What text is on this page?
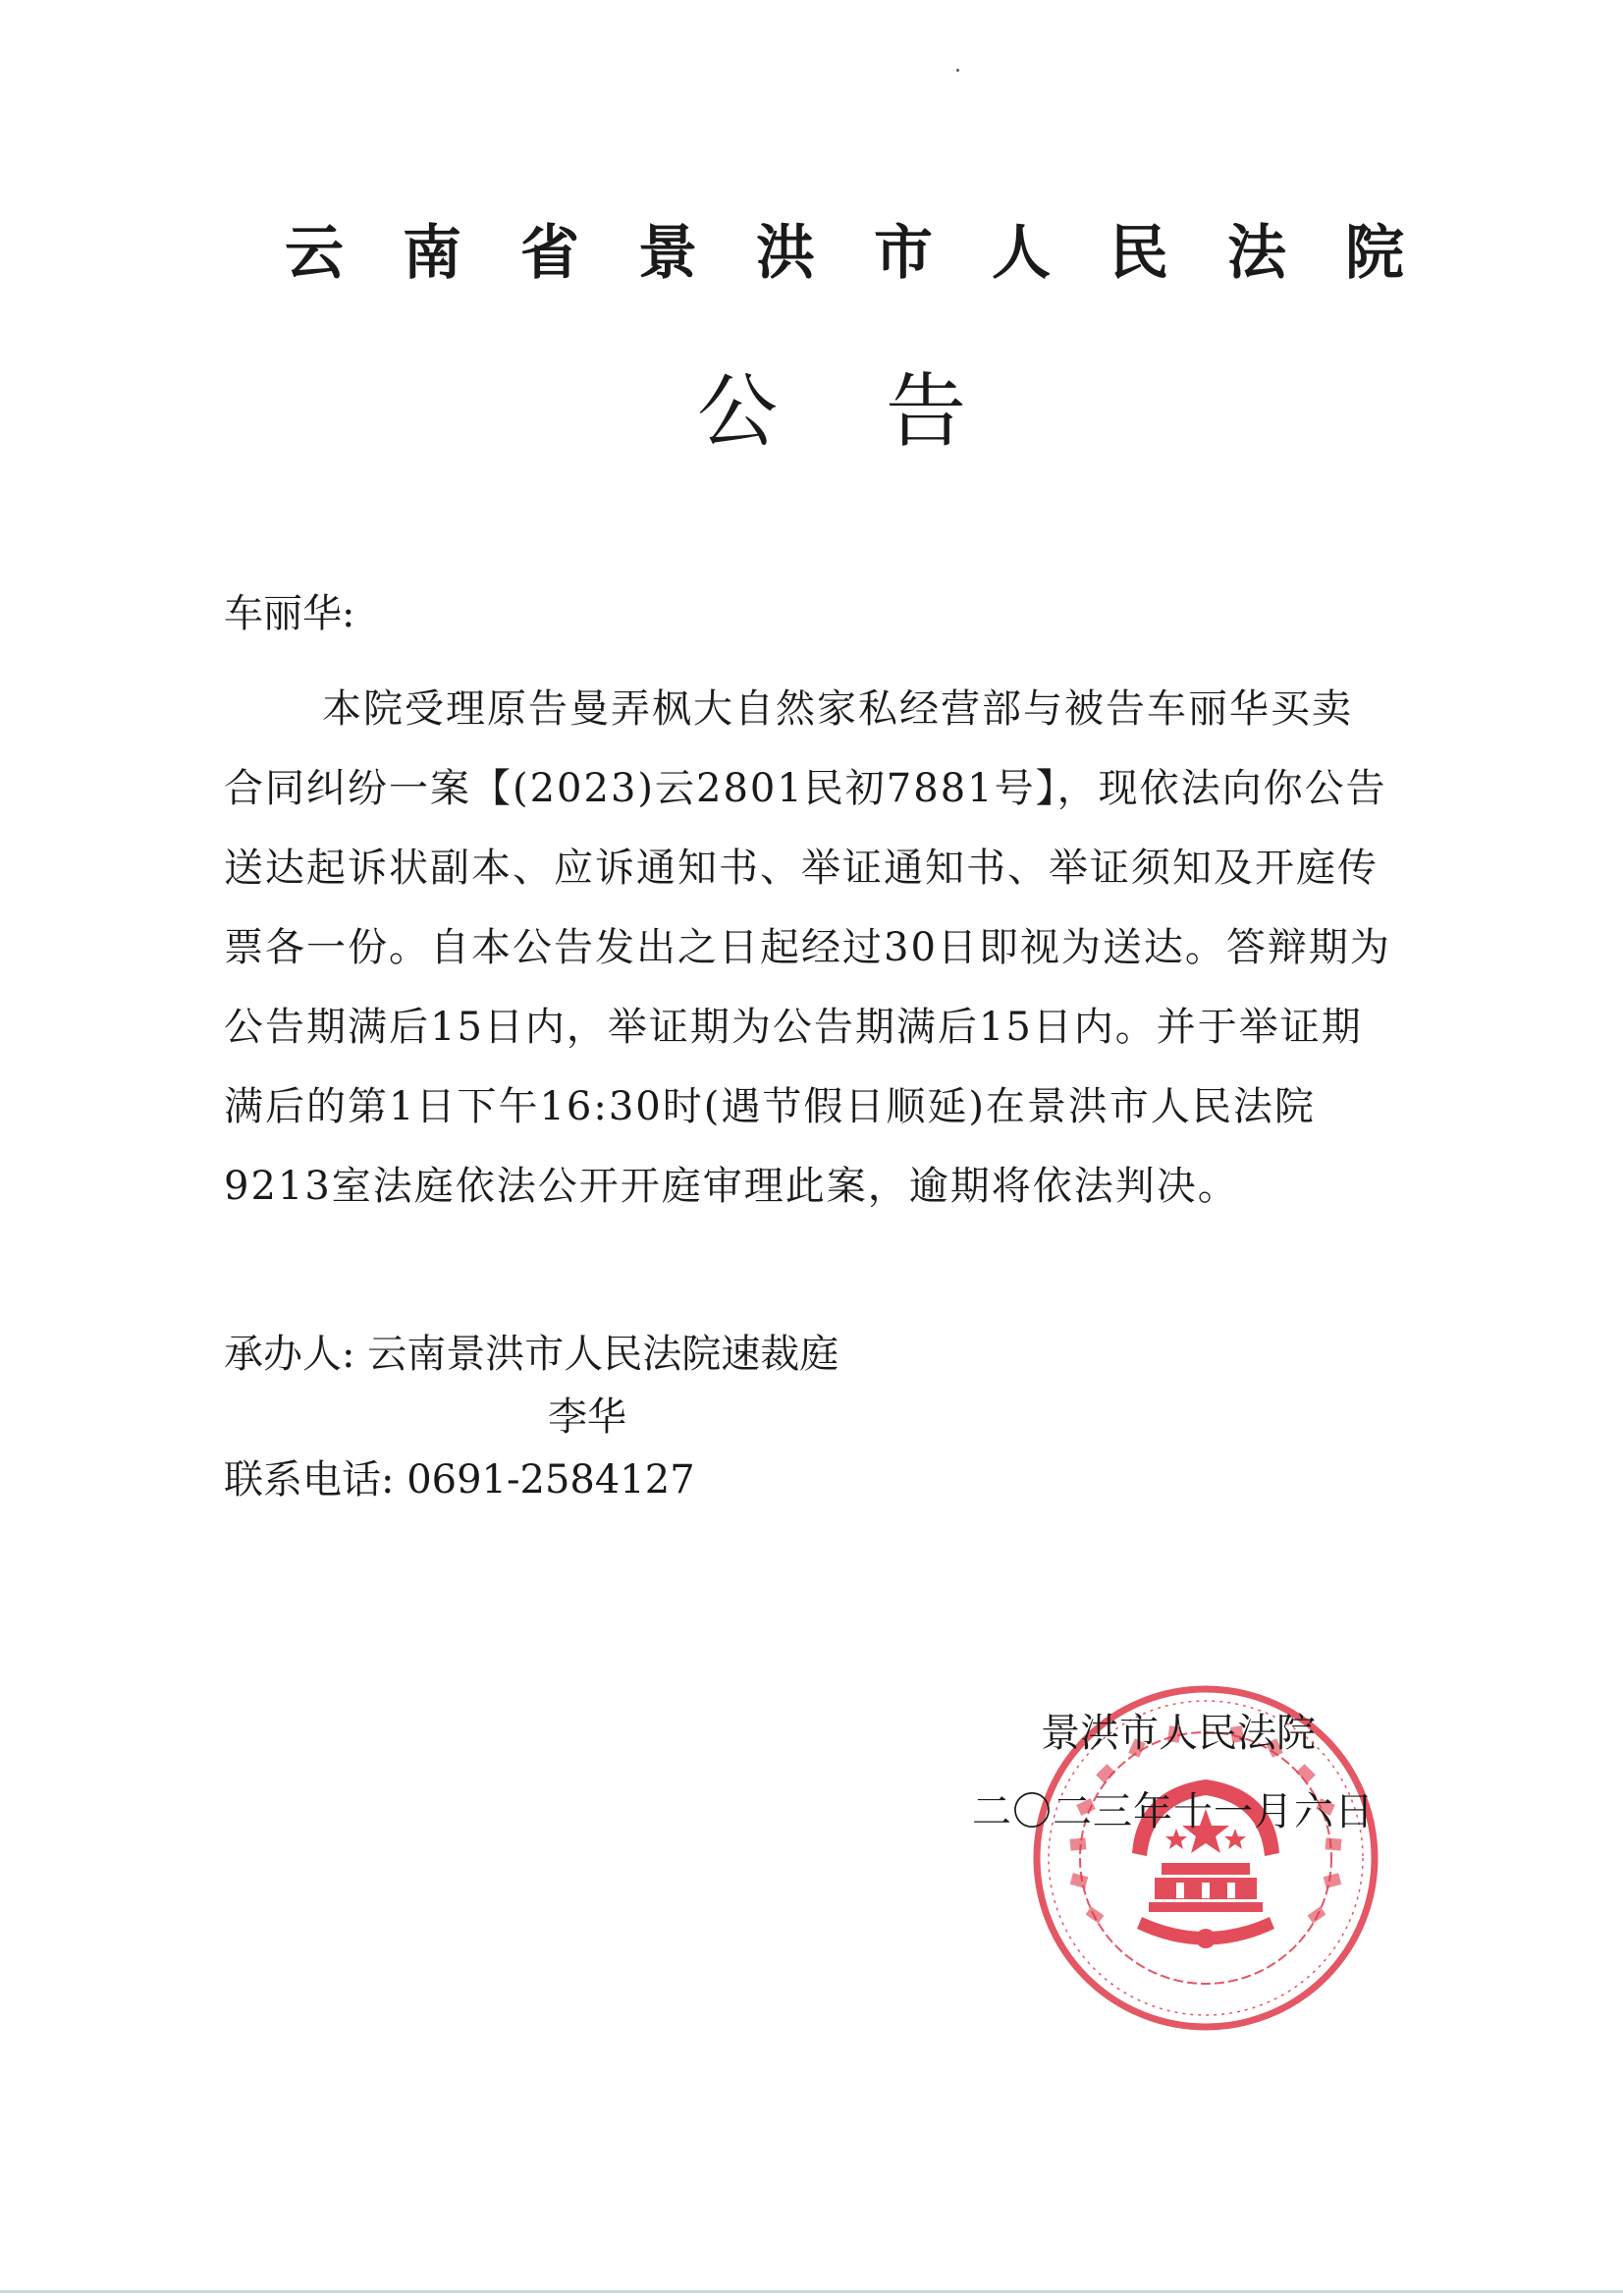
云南省景洪市人民法院
公告
车丽华:
本院受理原告曼弄枫大自然家私经营部与被告车丽华买卖
合同纠纷一案【(2023)云2801民初7881号】，现依法向你公告
送达起诉状副本、应诉通知书、举证通知书、举证须知及开庭传
票各一份。自本公告发出之日起经过30日即视为送达。答辩期为
公告期满后15日内，举证期为公告期满后15日内。并于举证期
满后的第1日下午16:30时(遇节假日顺延)在景洪市人民法院
9213室法庭依法公开开庭审理此案，逾期将依法判决。
承办人: 云南景洪市人民法院速裁庭
李华
联系电话: 0691-2584127
景洪市人民法院
二〇二三年十一月六日
